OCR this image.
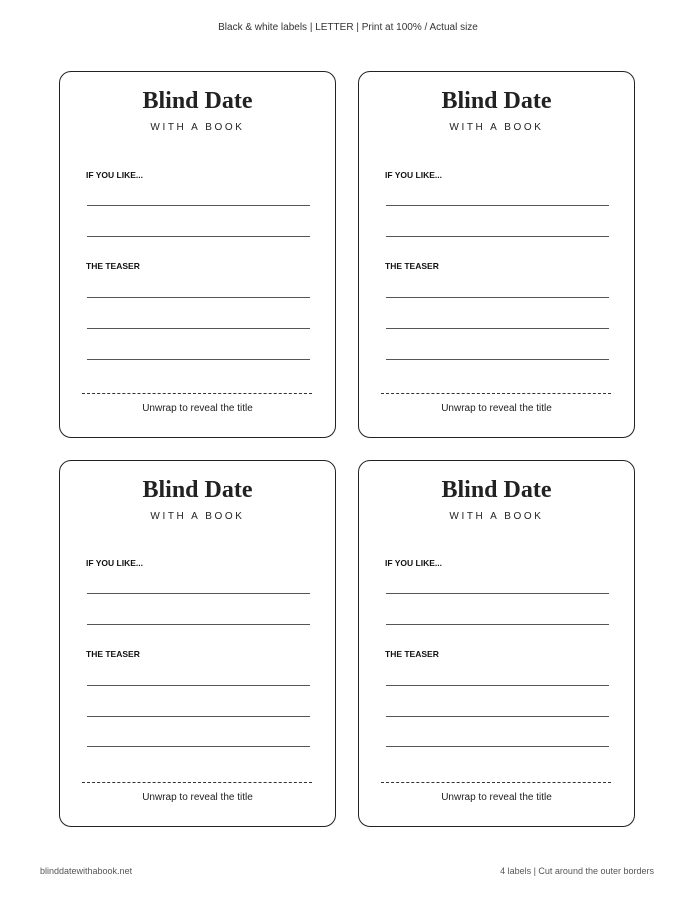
Black & white labels | LETTER | Print at 100% / Actual size
Blind Date
WITH A BOOK
IF YOU LIKE...
THE TEASER
Unwrap to reveal the title
Blind Date
WITH A BOOK
IF YOU LIKE...
THE TEASER
Unwrap to reveal the title
Blind Date
WITH A BOOK
IF YOU LIKE...
THE TEASER
Unwrap to reveal the title
Blind Date
WITH A BOOK
IF YOU LIKE...
THE TEASER
Unwrap to reveal the title
blinddatewithabook.net	4 labels | Cut around the outer borders
